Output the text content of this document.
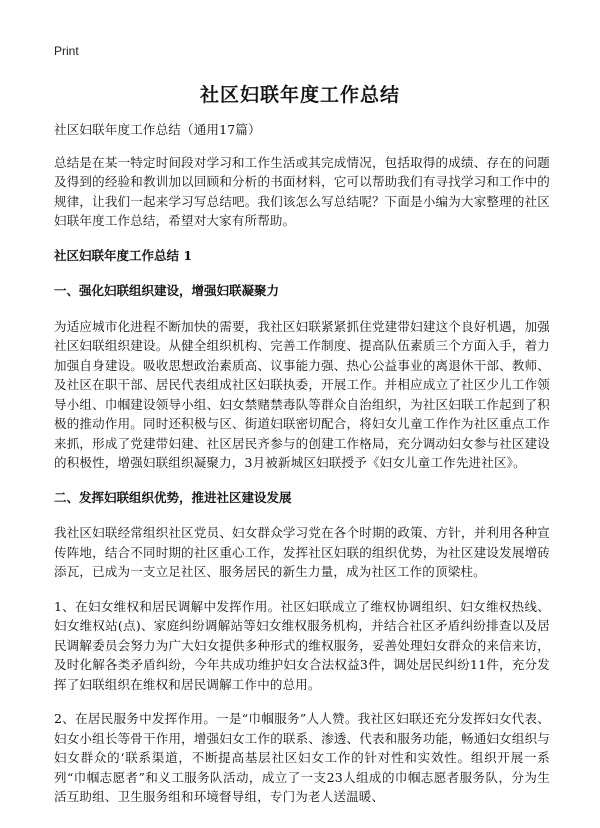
Print
社区妇联年度工作总结

社区妇联年度工作总结（通用17篇）

总结是在某一特定时间段对学习和工作生活或其完成情况，包括取得的成绩、存在的问题及得到的经验和教训加以回顾和分析的书面材料，它可以帮助我们有寻找学习和工作中的规律，让我们一起来学习写总结吧。我们该怎么写总结呢？下面是小编为大家整理的社区妇联年度工作总结，希望对大家有所帮助。

社区妇联年度工作总结 1
一、强化妇联组织建设，增强妇联凝聚力

为适应城市化进程不断加快的需要，我社区妇联紧紧抓住党建带妇建这个良好机遇，加强社区妇联组织建设。从健全组织机构、完善工作制度、提高队伍素质三个方面入手，着力加强自身建设。吸收思想政治素质高、议事能力强、热心公益事业的离退休干部、教师、及社区在职干部、居民代表组成社区妇联执委，开展工作。并相应成立了社区少儿工作领导小组、巾帼建设领导小组、妇女禁赌禁毒队等群众自治组织，为社区妇联工作起到了积极的推动作用。同时还积极与区、街道妇联密切配合，将妇女儿童工作作为社区重点工作来抓，形成了党建带妇建、社区居民齐参与的创建工作格局，充分调动妇女参与社区建设的积极性，增强妇联组织凝聚力，3月被新城区妇联授予《妇女儿童工作先进社区》。

二、发挥妇联组织优势，推进社区建设发展

我社区妇联经常组织社区党员、妇女群众学习党在各个时期的政策、方针，并利用各种宣传阵地，结合不同时期的社区重心工作，发挥社区妇联的组织优势，为社区建设发展增砖添瓦，已成为一支立足社区、服务居民的新生力量，成为社区工作的顶梁柱。

1、在妇女维权和居民调解中发挥作用。社区妇联成立了维权协调组织、妇女维权热线、妇女维权站(点)、家庭纠纷调解站等妇女维权服务机构，并结合社区矛盾纠纷排查以及居民调解委员会努力为广大妇女提供多种形式的维权服务，妥善处理妇女群众的来信来访，及时化解各类矛盾纠纷，今年共成功维护妇女合法权益3件，调处居民纠纷11件，充分发挥了妇联组织在维权和居民调解工作中的总用。

2、在居民服务中发挥作用。一是“巾帼服务”人人赞。我社区妇联还充分发挥妇女代表、妇女小组长等骨干作用，增强妇女工作的联系、渗透、代表和服务功能，畅通妇女组织与妇女群众的‘联系渠道，不断提高基层社区妇女工作的针对性和实效性。组织开展一系列“巾帼志愿者”和义工服务队活动，成立了一支23人组成的巾帼志愿者服务队，分为生活互助组、卫生服务组和环境督导组，专门为老人送温暖、
